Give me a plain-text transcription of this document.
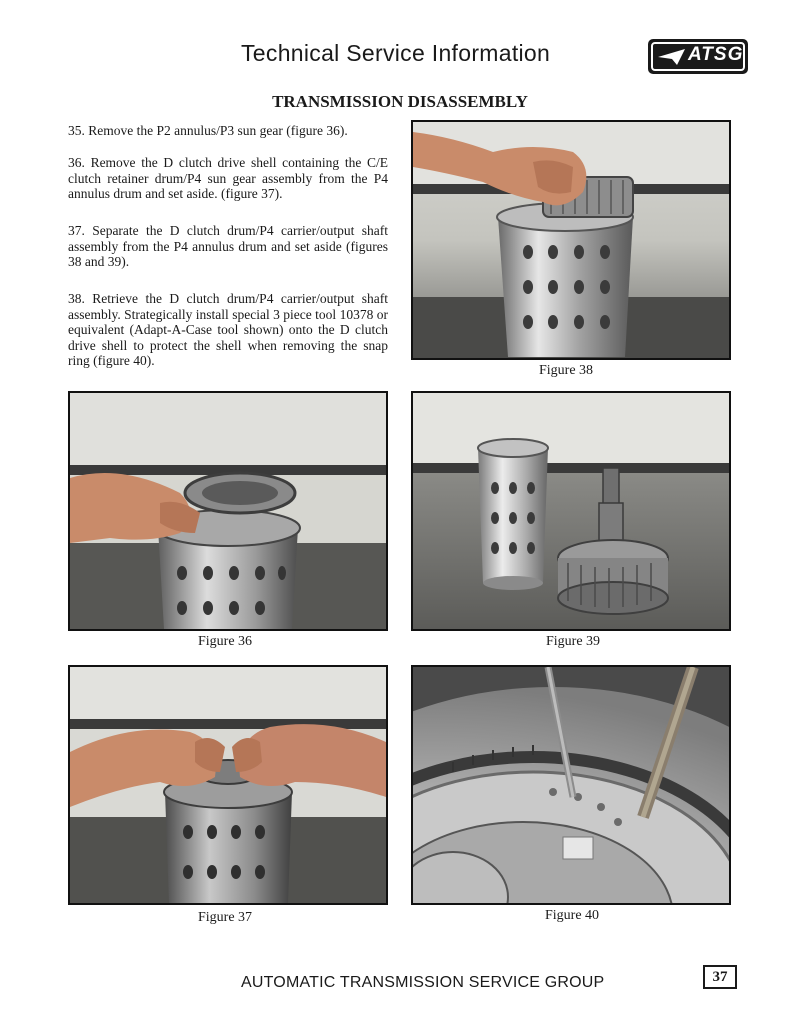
Technical Service Information	ATSG
TRANSMISSION DISASSEMBLY
35. Remove the P2 annulus/P3 sun gear (figure 36).
36. Remove the D clutch drive shell containing the C/E clutch retainer drum/P4 sun gear assembly from the P4 annulus drum and set aside. (figure 37).
37. Separate the D clutch drum/P4 carrier/output shaft assembly from the P4 annulus drum and set aside (figures 38 and 39).
38. Retrieve the D clutch drum/P4 carrier/output shaft assembly. Strategically install special 3 piece tool 10378 or equivalent (Adapt-A-Case tool shown) onto the D clutch drive shell to protect the shell when removing the snap ring (figure 40).
Figure 38
Figure 36	Figure 39
Figure 37	Figure 40
AUTOMATIC TRANSMISSION SERVICE GROUP	37
